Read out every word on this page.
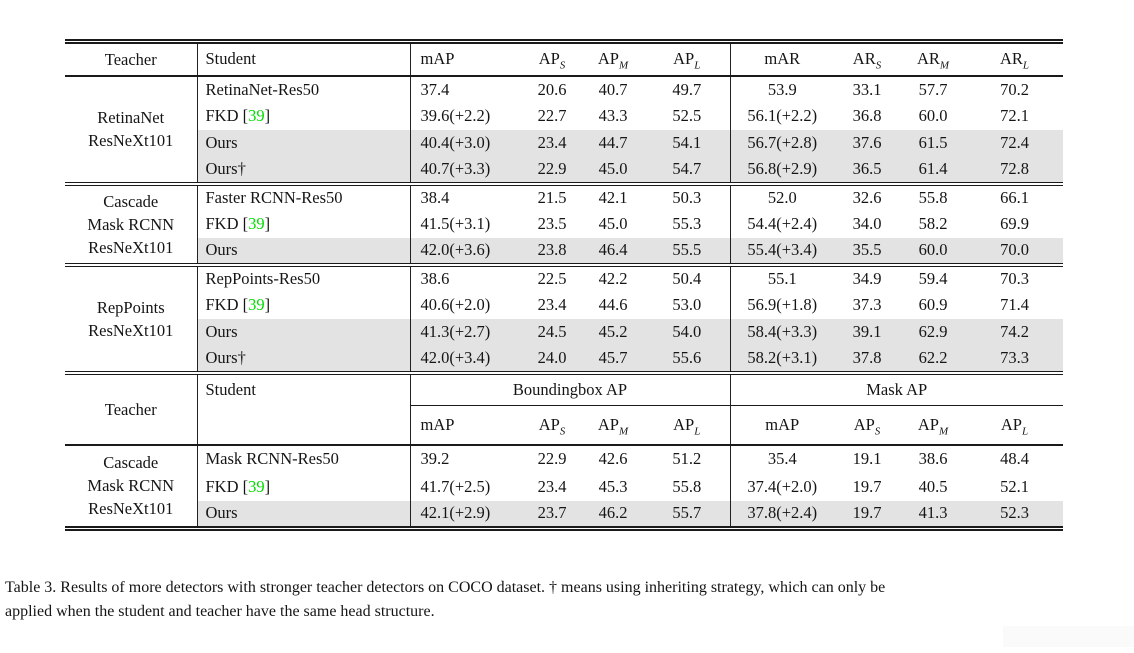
Teacher	Student	mAP	$AP_S$	$AP_M$	$AP_L$	mAR	$AR_S$	$AR_M$	$AR_L$

RetinaNet
ResNeXt101	RetinaNet-Res50	37.4	20.6	40.7	49.7	53.9	33.1	57.7	70.2
	FKD [39]	39.6(+2.2)	22.7	43.3	52.5	56.1(+2.2)	36.8	60.0	72.1
	Ours	40.4(+3.0)	23.4	44.7	54.1	56.7(+2.8)	37.6	61.5	72.4
	Ours†	40.7(+3.3)	22.9	45.0	54.7	56.8(+2.9)	36.5	61.4	72.8

Cascade
Mask RCNN
ResNeXt101	Faster RCNN-Res50	38.4	21.5	42.1	50.3	52.0	32.6	55.8	66.1
	FKD [39]	41.5(+3.1)	23.5	45.0	55.3	54.4(+2.4)	34.0	58.2	69.9
	Ours	42.0(+3.6)	23.8	46.4	55.5	55.4(+3.4)	35.5	60.0	70.0

RepPoints
ResNeXt101	RepPoints-Res50	38.6	22.5	42.2	50.4	55.1	34.9	59.4	70.3
	FKD [39]	40.6(+2.0)	23.4	44.6	53.0	56.9(+1.8)	37.3	60.9	71.4
	Ours	41.3(+2.7)	24.5	45.2	54.0	58.4(+3.3)	39.1	62.9	74.2
	Ours†	42.0(+3.4)	24.0	45.7	55.6	58.2(+3.1)	37.8	62.2	73.3
Teacher	Student	Boundingbox AP				Mask AP			
		mAP	$AP_S$	$AP_M$	$AP_L$	mAP	$AP_S$	$AP_M$	$AP_L$

Cascade
Mask RCNN
ResNeXt101	Mask RCNN-Res50	39.2	22.9	42.6	51.2	35.4	19.1	38.6	48.4
	FKD [39]	41.7(+2.5)	23.4	45.3	55.8	37.4(+2.0)	19.7	40.5	52.1
	Ours	42.1(+2.9)	23.7	46.2	55.7	37.8(+2.4)	19.7	41.3	52.3
Table 3. Results of more detectors with stronger teacher detectors on COCO dataset. † means using inheriting strategy, which can only be
applied when the student and teacher have the same head structure.
